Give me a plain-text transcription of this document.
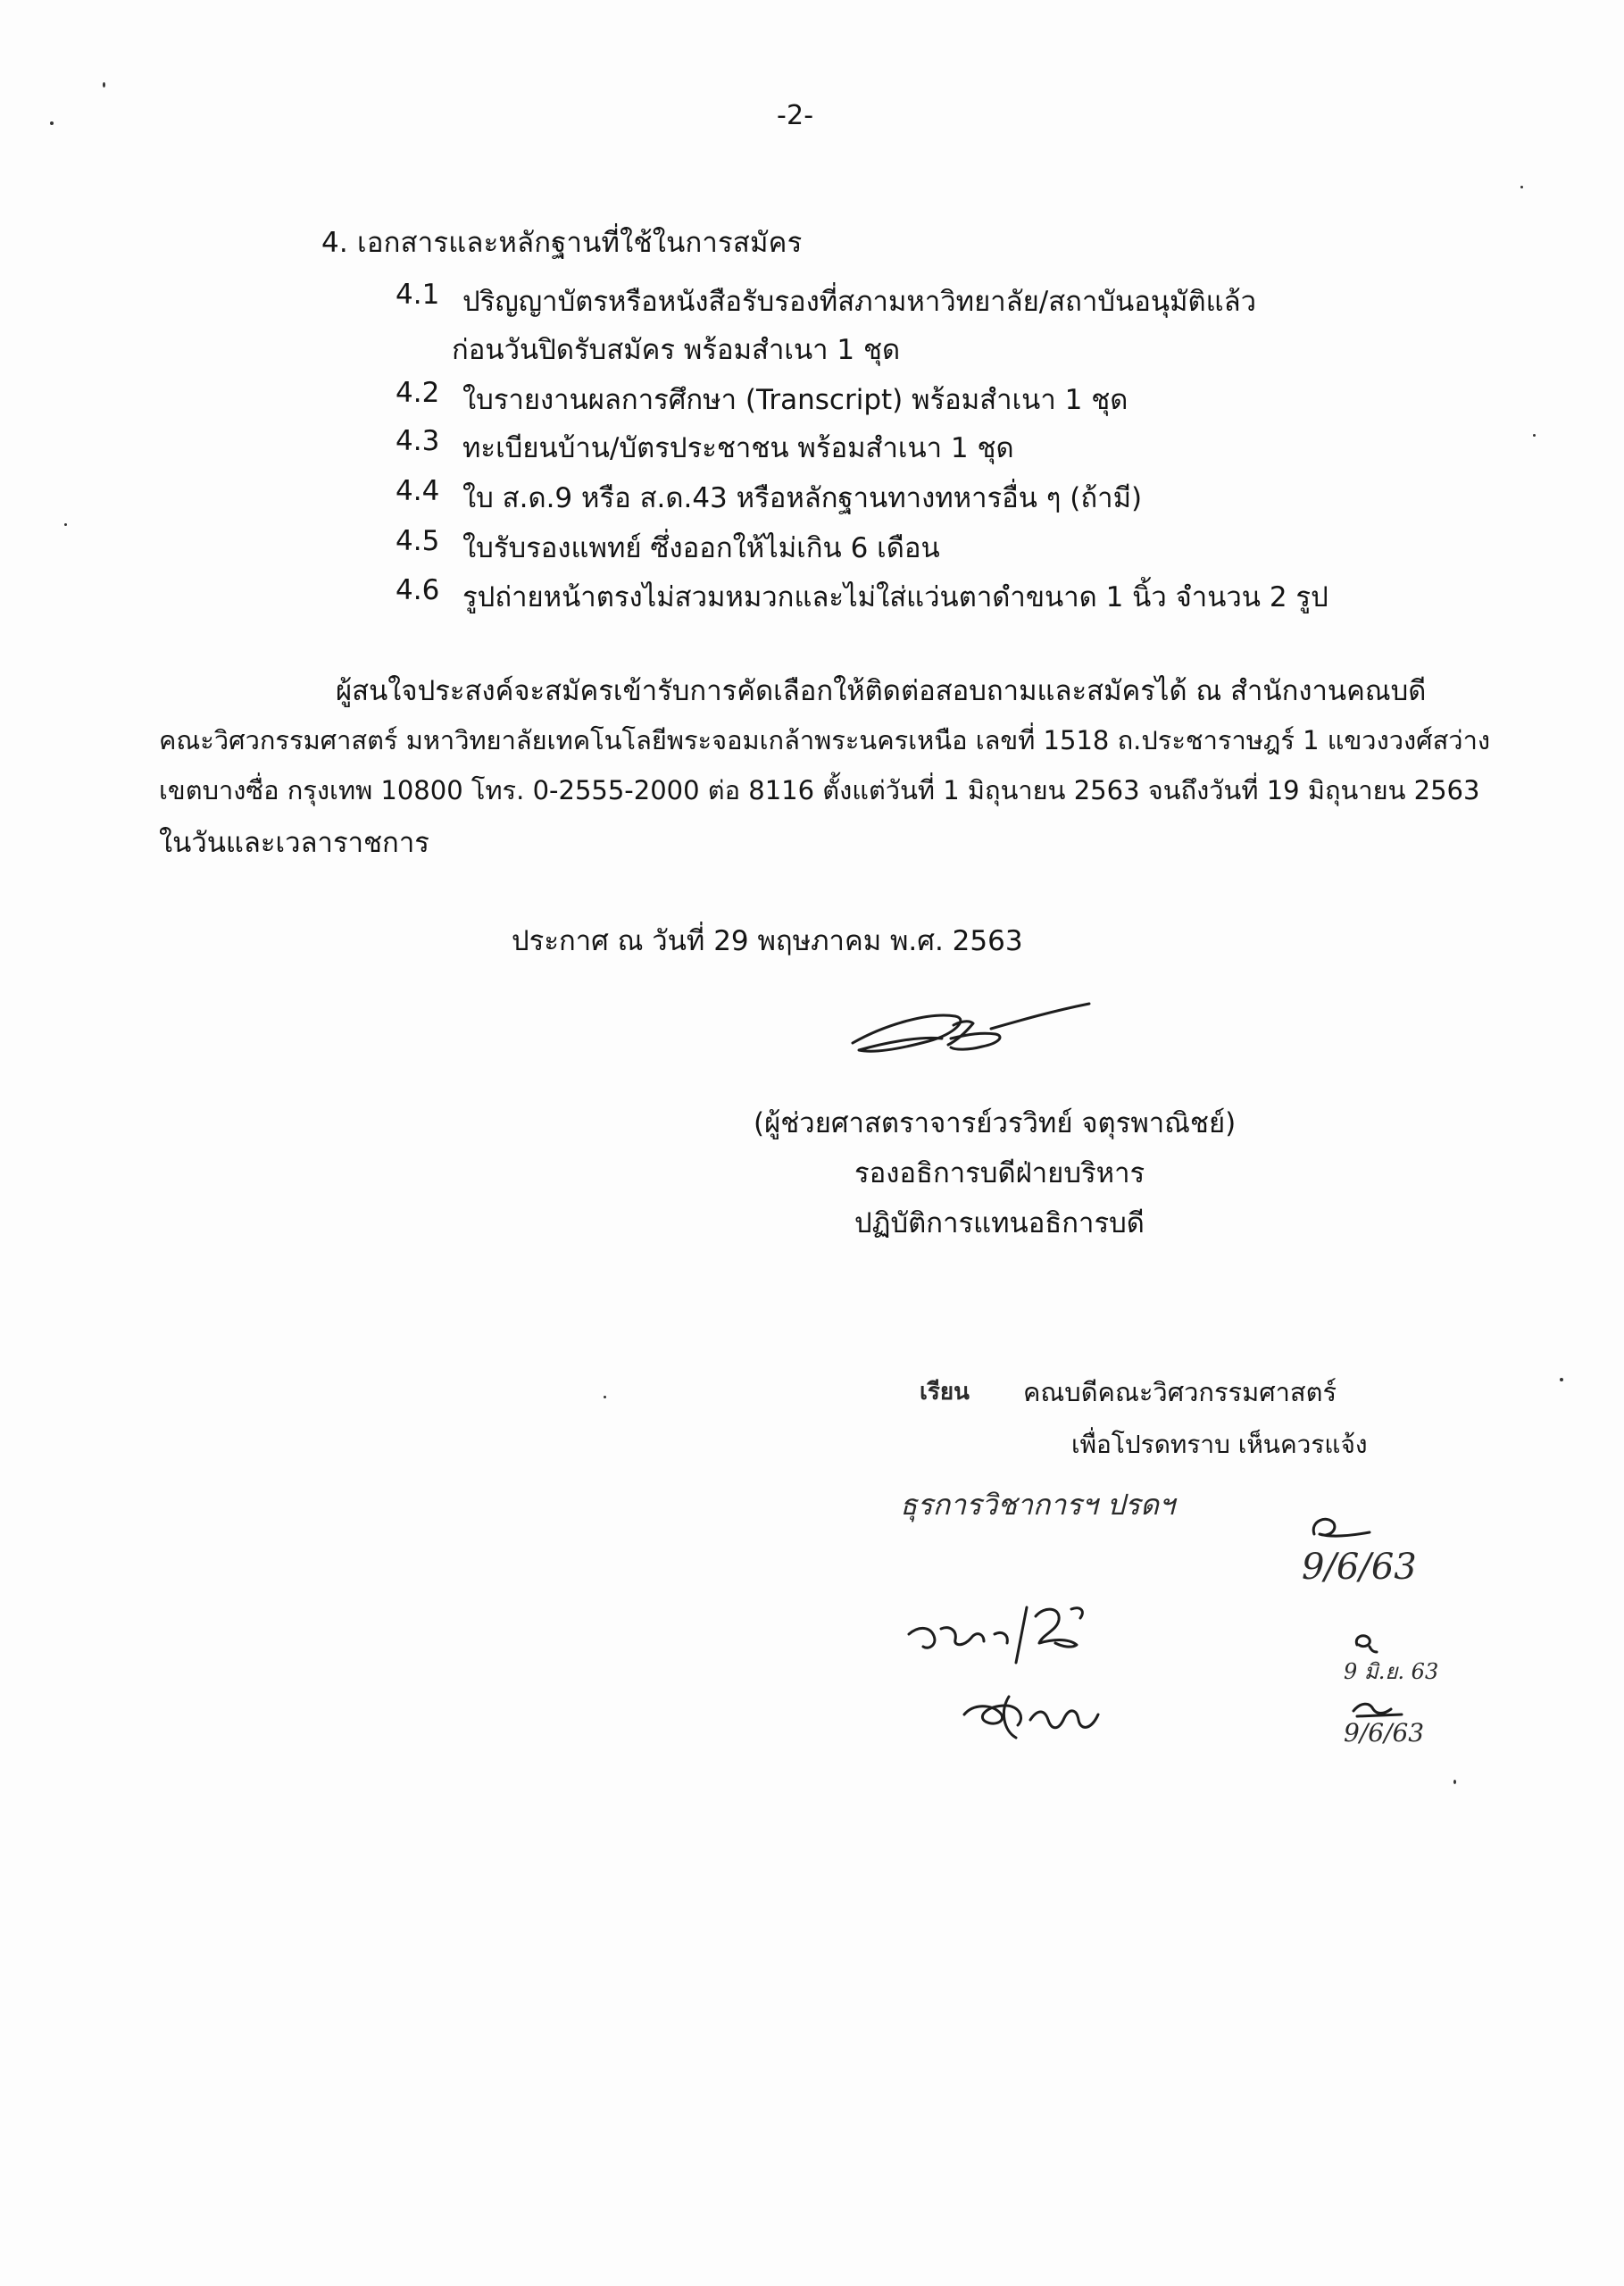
-2-
4. เอกสารและหลักฐานที่ใช้ในการสมัคร
4.1 ปริญญาบัตรหรือหนังสือรับรองที่สภามหาวิทยาลัย/สถาบันอนุมัติแล้ว
ก่อนวันปิดรับสมัคร พร้อมสำเนา 1 ชุด
4.2 ใบรายงานผลการศึกษา (Transcript) พร้อมสำเนา 1 ชุด
4.3 ทะเบียนบ้าน/บัตรประชาชน พร้อมสำเนา 1 ชุด
4.4 ใบ ส.ด.9 หรือ ส.ด.43 หรือหลักฐานทางทหารอื่น ๆ (ถ้ามี)
4.5 ใบรับรองแพทย์ ซึ่งออกให้ไม่เกิน 6 เดือน
4.6 รูปถ่ายหน้าตรงไม่สวมหมวกและไม่ใส่แว่นตาดำขนาด 1 นิ้ว จำนวน 2 รูป
ผู้สนใจประสงค์จะสมัครเข้ารับการคัดเลือกให้ติดต่อสอบถามและสมัครได้ ณ สำนักงานคณบดี
คณะวิศวกรรมศาสตร์ มหาวิทยาลัยเทคโนโลยีพระจอมเกล้าพระนครเหนือ เลขที่ 1518 ถ.ประชาราษฎร์ 1 แขวงวงศ์สว่าง
เขตบางซื่อ กรุงเทพ 10800 โทร. 0-2555-2000 ต่อ 8116 ตั้งแต่วันที่ 1 มิถุนายน 2563 จนถึงวันที่ 19 มิถุนายน 2563
ในวันและเวลาราชการ
ประกาศ ณ วันที่ 29 พฤษภาคม พ.ศ. 2563
(ผู้ช่วยศาสตราจารย์วรวิทย์ จตุรพาณิชย์)
รองอธิการบดีฝ่ายบริหาร
ปฏิบัติการแทนอธิการบดี
เรียน คณบดีคณะวิศวกรรมศาสตร์
เพื่อโปรดทราบ เห็นควรแจ้ง
ธุรการวิชาการฯ ปรดฯ
9/6/63
9 มิ.ย. 63
9/6/63
